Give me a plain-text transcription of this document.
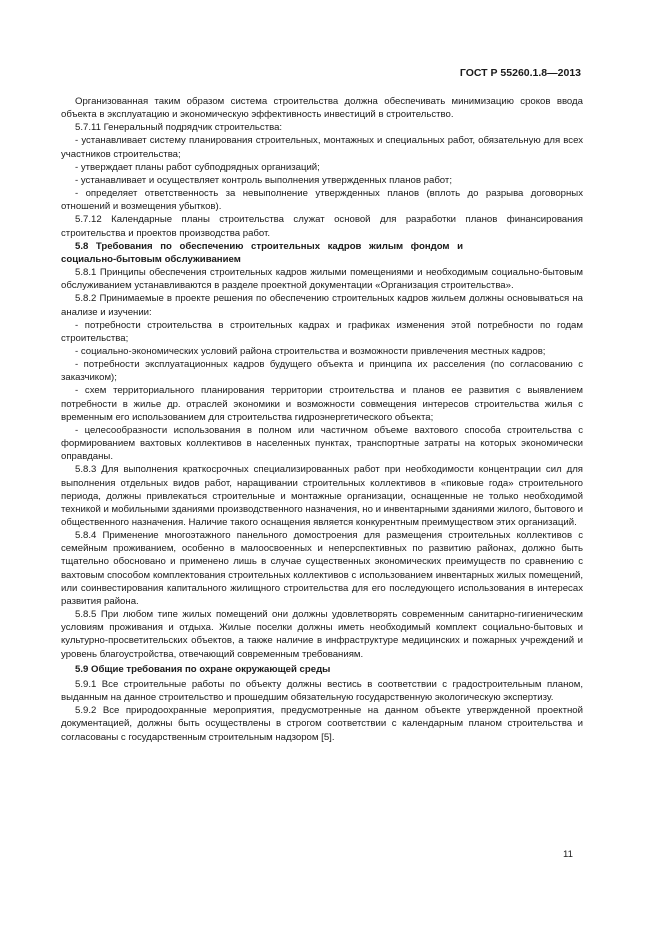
ГОСТ Р 55260.1.8—2013

Организованная таким образом система строительства должна обеспечивать минимизацию сроков ввода объекта в эксплуатацию и экономическую эффективность инвестиций в строительство.

5.7.11 Генеральный подрядчик строительства:

- устанавливает систему планирования строительных, монтажных и специальных работ, обязательную для всех участников строительства;

- утверждает планы работ субподрядных организаций;

- устанавливает и осуществляет контроль выполнения утвержденных планов работ;

- определяет ответственность за невыполнение утвержденных планов (вплоть до разрыва договорных отношений и возмещения убытков).

5.7.12 Календарные планы строительства служат основой для разработки планов финансирования строительства и проектов производства работ.

5.8 Требования по обеспечению строительных кадров жилым фондом и социально-бытовым обслуживанием

5.8.1 Принципы обеспечения строительных кадров жилыми помещениями и необходимым социально-бытовым обслуживанием устанавливаются в разделе проектной документации «Организация строительства».

5.8.2 Принимаемые в проекте решения по обеспечению строительных кадров жильем должны основываться на анализе и изучении:

- потребности строительства в строительных кадрах и графиках изменения этой потребности по годам строительства;

- социально-экономических условий района строительства и возможности привлечения местных кадров;

- потребности эксплуатационных кадров будущего объекта и принципа их расселения (по согласованию с заказчиком);

- схем территориального планирования территории строительства и планов ее развития с выявлением потребности в жилье др. отраслей экономики и возможности совмещения интересов строительства жилья с временным его использованием для строительства гидроэнергетического объекта;

- целесообразности использования в полном или частичном объеме вахтового способа строительства с формированием вахтовых коллективов в населенных пунктах, транспортные затраты на которых экономически оправданы.

5.8.3 Для выполнения краткосрочных специализированных работ при необходимости концентрации сил для выполнения отдельных видов работ, наращивании строительных коллективов в «пиковые года» строительного периода, должны привлекаться строительные и монтажные организации, оснащенные не только необходимой техникой и мобильными зданиями производственного назначения, но и инвентарными зданиями жилого, бытового и общественного назначения. Наличие такого оснащения является конкурентным преимуществом этих организаций.

5.8.4 Применение многоэтажного панельного домостроения для размещения строительных коллективов с семейным проживанием, особенно в малоосвоенных и неперспективных по развитию районах, должно быть тщательно обосновано и применено лишь в случае существенных экономических преимуществ по сравнению с вахтовым способом комплектования строительных коллективов с использованием инвентарных жилых помещений, или соинвестирования капитального жилищного строительства для его последующего использования в интересах развития района.

5.8.5 При любом типе жилых помещений они должны удовлетворять современным санитарно-гигиеническим условиям проживания и отдыха. Жилые поселки должны иметь необходимый комплект социально-бытовых и культурно-просветительских объектов, а также наличие в инфраструктуре медицинских и пожарных учреждений и уровень благоустройства, отвечающий современным требованиям.

5.9 Общие требования по охране окружающей среды

5.9.1 Все строительные работы по объекту должны вестись в соответствии с градостроительным планом, выданным на данное строительство и прошедшим обязательную государственную экологическую экспертизу.

5.9.2 Все природоохранные мероприятия, предусмотренные на данном объекте утвержденной проектной документацией, должны быть осуществлены в строгом соответствии с календарным планом строительства и согласованы с государственным строительным надзором [5].

11
